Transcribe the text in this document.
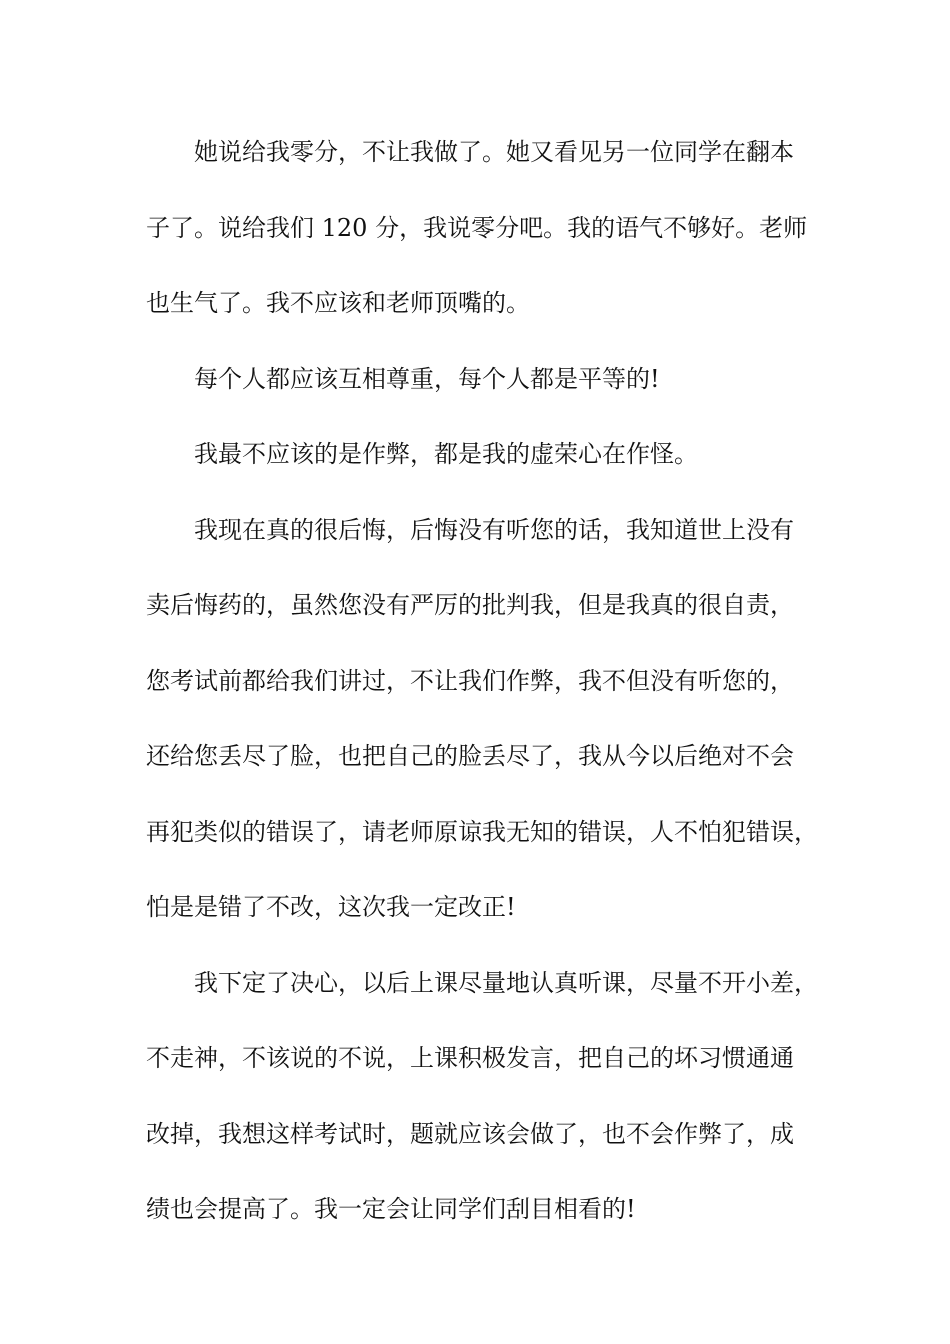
她说给我零分，不让我做了。她又看见另一位同学在翻本
子了。说给我们 120 分，我说零分吧。我的语气不够好。老师
也生气了。我不应该和老师顶嘴的。

每个人都应该互相尊重，每个人都是平等的!

我最不应该的是作弊，都是我的虚荣心在作怪。

我现在真的很后悔，后悔没有听您的话，我知道世上没有
卖后悔药的，虽然您没有严厉的批判我，但是我真的很自责，
您考试前都给我们讲过，不让我们作弊，我不但没有听您的，
还给您丢尽了脸，也把自己的脸丢尽了，我从今以后绝对不会
再犯类似的错误了，请老师原谅我无知的错误，人不怕犯错误，
怕是是错了不改，这次我一定改正!

我下定了决心，以后上课尽量地认真听课，尽量不开小差，
不走神，不该说的不说，上课积极发言，把自己的坏习惯通通
改掉，我想这样考试时，题就应该会做了，也不会作弊了，成
绩也会提高了。我一定会让同学们刮目相看的!
